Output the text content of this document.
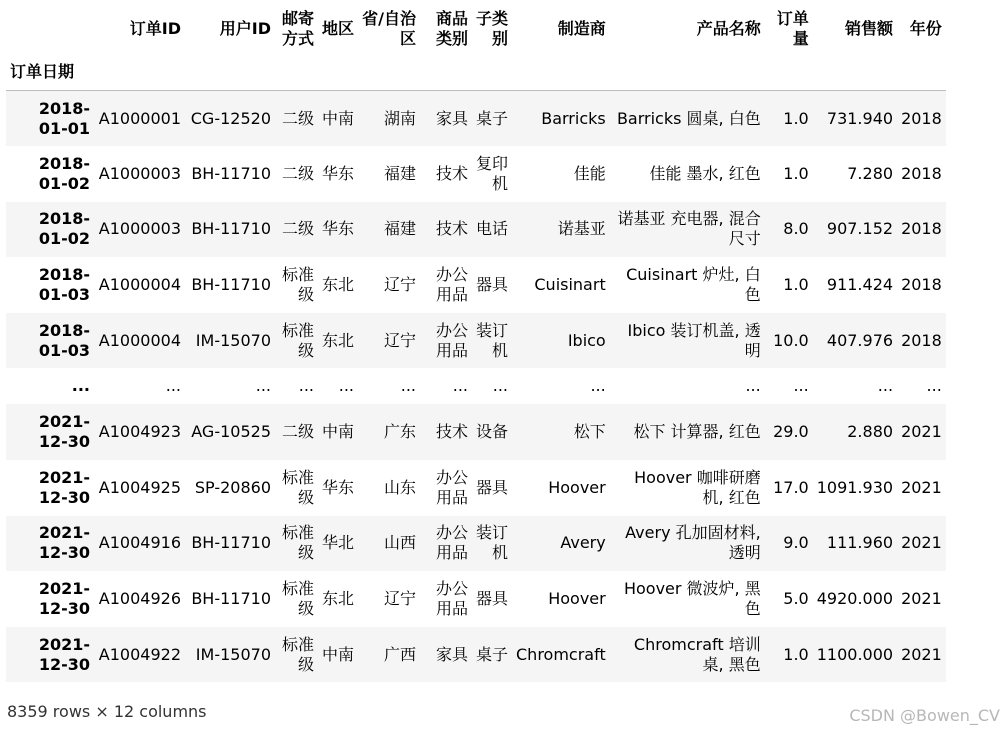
	订单ID	用户ID	邮寄方式	地区	省/自治区	商品类别	子类别	制造商	产品名称	订单量	销售额	年份
订单日期												
2018-01-01	A1000001	CG-12520	二级	中南	湖南	家具	桌子	Barricks	Barricks 圆桌, 白色	1.0	731.940	2018
2018-01-02	A1000003	BH-11710	二级	华东	福建	技术	复印机	佳能	佳能 墨水, 红色	1.0	7.280	2018
2018-01-02	A1000003	BH-11710	二级	华东	福建	技术	电话	诺基亚	诺基亚 充电器, 混合尺寸	8.0	907.152	2018
2018-01-03	A1000004	BH-11710	标准级	东北	辽宁	办公用品	器具	Cuisinart	Cuisinart 炉灶, 白色	1.0	911.424	2018
2018-01-03	A1000004	IM-15070	标准级	东北	辽宁	办公用品	装订机	Ibico	Ibico 装订机盖, 透明	10.0	407.976	2018
...	...	...	...	...	...	...	...	...	...	...	...	...
2021-12-30	A1004923	AG-10525	二级	中南	广东	技术	设备	松下	松下 计算器, 红色	29.0	2.880	2021
2021-12-30	A1004925	SP-20860	标准级	华东	山东	办公用品	器具	Hoover	Hoover 咖啡研磨机, 红色	17.0	1091.930	2021
2021-12-30	A1004916	BH-11710	标准级	华北	山西	办公用品	装订机	Avery	Avery 孔加固材料, 透明	9.0	111.960	2021
2021-12-30	A1004926	BH-11710	标准级	东北	辽宁	办公用品	器具	Hoover	Hoover 微波炉, 黑色	5.0	4920.000	2021
2021-12-30	A1004922	IM-15070	标准级	中南	广西	家具	桌子	Chromcraft	Chromcraft 培训桌, 黑色	1.0	1100.000	2021
8359 rows × 12 columns	CSDN @Bowen_CV
